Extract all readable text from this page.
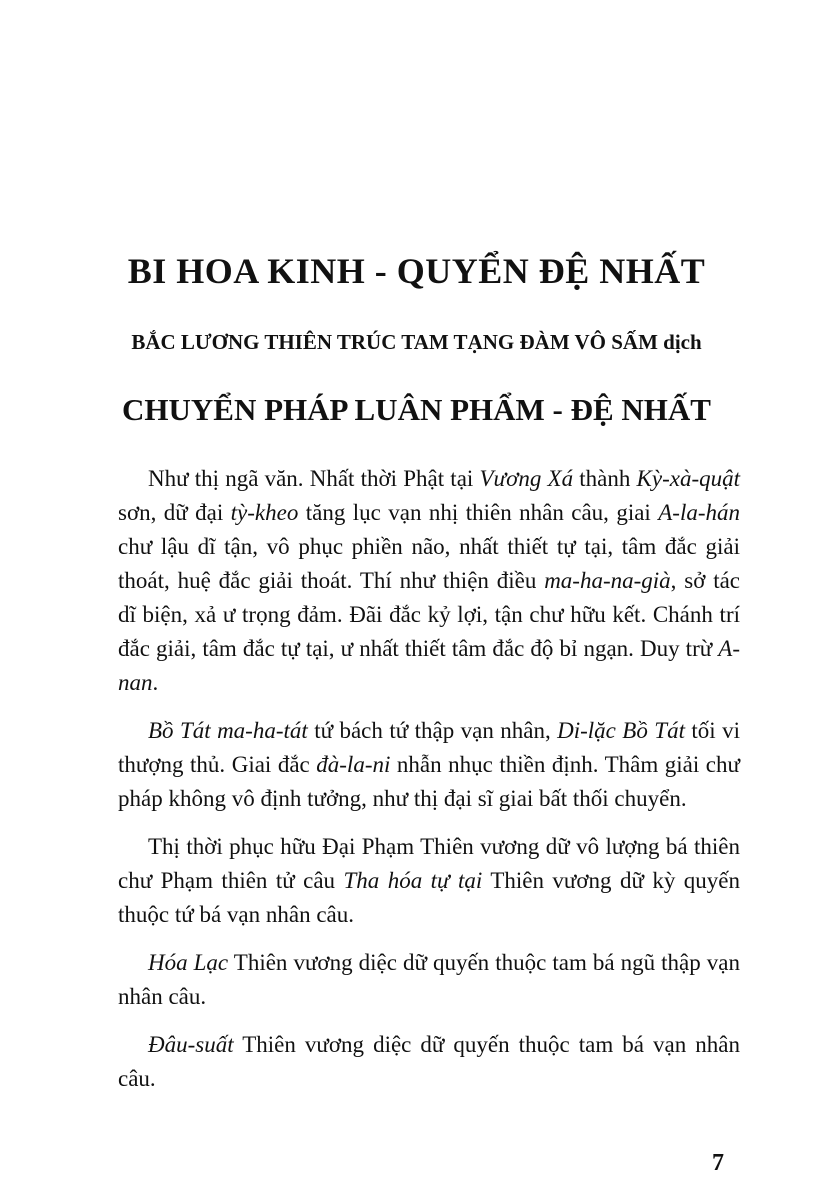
BI HOA KINH - QUYỂN ĐỆ NHẤT
BẮC LƯƠNG THIÊN TRÚC TAM TẠNG ĐÀM VÔ SẤM dịch
CHUYỂN PHÁP LUÂN PHẨM - ĐỆ NHẤT

Như thị ngã văn. Nhất thời Phật tại Vương Xá thành Kỳ-xà-quật sơn, dữ đại tỳ-kheo tăng lục vạn nhị thiên nhân câu, giai A-la-hán chư lậu dĩ tận, vô phục phiền não, nhất thiết tự tại, tâm đắc giải thoát, huệ đắc giải thoát. Thí như thiện điều ma-ha-na-già, sở tác dĩ biện, xả ư trọng đảm. Đãi đắc kỷ lợi, tận chư hữu kết. Chánh trí đắc giải, tâm đắc tự tại, ư nhất thiết tâm đắc độ bỉ ngạn. Duy trừ A-nan.

Bồ Tát ma-ha-tát tứ bách tứ thập vạn nhân, Di-lặc Bồ Tát tối vi thượng thủ. Giai đắc đà-la-ni nhẫn nhục thiền định. Thâm giải chư pháp không vô định tưởng, như thị đại sĩ giai bất thối chuyển.

Thị thời phục hữu Đại Phạm Thiên vương dữ vô lượng bá thiên chư Phạm thiên tử câu Tha hóa tự tại Thiên vương dữ kỳ quyến thuộc tứ bá vạn nhân câu.

Hóa Lạc Thiên vương diệc dữ quyến thuộc tam bá ngũ thập vạn nhân câu.

Đâu-suất Thiên vương diệc dữ quyến thuộc tam bá vạn nhân câu.

7
